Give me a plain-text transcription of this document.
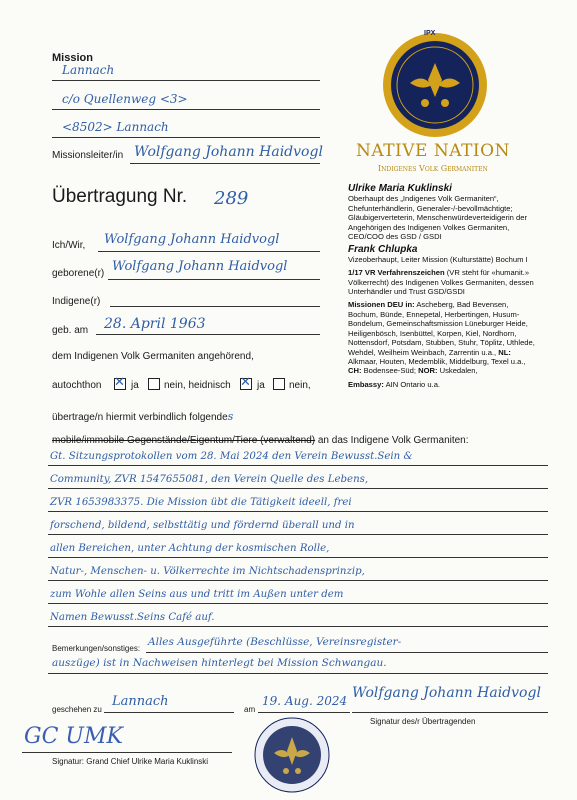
Mission
Lannach
c/o Quellenweg <3>
<8502> Lannach
Missionsleiter/in Wolfgang Johann Haidvogl
Übertragung Nr. 289
IPX
NATIVE NATION
Indigenes Volk Germaniten
Ulrike Maria Kuklinski
Oberhaupt des „Indigenes Volk Germaniten“, Chefunterhändlerin, Generaler-/-bevollmächtigte; Gläubigerverteterin, Menschenwürdeverteidigerin der Angehörigen des Indigenen Volkes Germaniten, CEO/COO des GSD / GSDI
Frank Chlupka
Vizeoberhaupt, Leiter Mission (Kulturstätte) Bochum I
1/17 VR Verfahrenszeichen (VR steht für «humanit.» Völkerrecht) des Indigenen Volkes Germaniten, dessen Unterhändler und Trust GSD/GSDI
Missionen DEU in: Ascheberg, Bad Bevensen, Bochum, Bünde, Ennepetal, Herbertingen, Husum-Bondelum, Gemeinschaftsmission Lüneburger Heide, Heiligenbösch, Isenbüttel, Korpen, Kiel, Nordhorn, Nottensdorf, Potsdam, Stubben, Stuhr, Töplitz, Uthlede, Wehdel, Weilheim Weinbach, Zarrentin u.a., NL: Alkmaar, Houten, Medemblik, Middelburg, Texel u.a., CH: Bodensee-Süd; NOR: Uskedalen,
Embassy: AIN Ontario u.a.
Ich/Wir, Wolfgang Johann Haidvogl
geborene(r) Wolfgang Johann Haidvogl
Indigene(r)
geb. am 28. April 1963
dem Indigenen Volk Germaniten angehörend,
autochthon ✕ ja	nein, heidnisch ✕ ja nein,
übertrage/n hiermit verbindlich folgendes
mobile/immobile Gegenstände/Eigentum/Tiere (verwaltend) an das Indigene Volk Germaniten:
Gt. Sitzungsprotokollen vom 28. Mai 2024 den Verein Bewusst.Sein &
Community, ZVR 1547655081, den Verein Quelle des Lebens,
ZVR 1653983375. Die Mission übt die Tätigkeit ideell, frei
forschend, bildend, selbsttätig und fördernd überall und in
allen Bereichen, unter Achtung der kosmischen Rolle,
Natur-, Menschen- u. Völkerrechte im Nichtschadensprinzip,
zum Wohle allen Seins aus und tritt im Außen unter dem
Namen Bewusst.Seins Café auf.
Bemerkungen/sonstiges:
Alles Ausgeführte (Beschlüsse, Vereinsregister-
auszüge) ist in Nachweisen hinterlegt bei Mission Schwangau.
geschehen zu
Lannach
am
19. Aug. 2024 Wolfgang Johann Haidvogl
Signatur des/r Übertragenden
GC UMK
Signatur: Grand Chief Ulrike Maria Kuklinski
